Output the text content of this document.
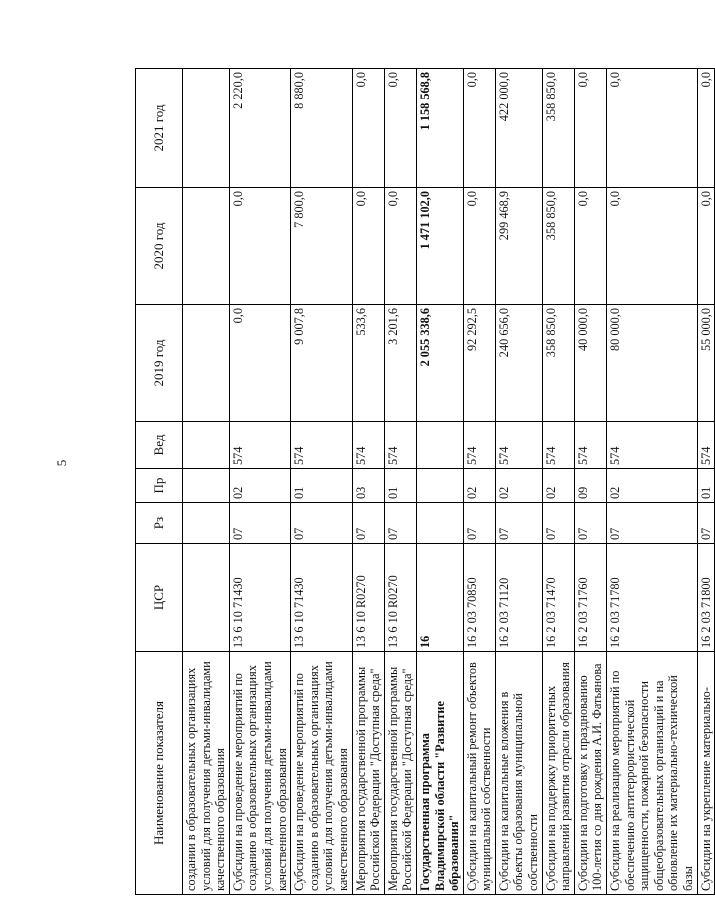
5
Наименование показателя	ЦСР	Рз	Пр	Вед	2019 год	2020 год	2021 год
создании в образовательных организациях условий для получения детьми-инвалидами качественного образования							
Субсидии на проведение мероприятий по созданию в образовательных организациях условий для получения детьми-инвалидами качественного образования	13 6 10 71430	07	02	574	0,0	0,0	2 220,0
Субсидии на проведение мероприятий по созданию в образовательных организациях условий для получения детьми-инвалидами качественного образования	13 6 10 71430	07	01	574	9 007,8	7 800,0	8 880,0
Мероприятия государственной программы Российской Федерации "Доступная среда"	13 6 10 R0270	07	03	574	533,6	0,0	0,0
Мероприятия государственной программы Российской Федерации "Доступная среда"	13 6 10 R0270	07	01	574	3 201,6	0,0	0,0
Государственная программа Владимирской области "Развитие образования"	16				2 055 338,6	1 471 102,0	1 158 568,8
Субсидии на капитальный ремонт объектов муниципальной собственности	16 2 03 70850	07	02	574	92 292,5	0,0	0,0
Субсидии на капитальные вложения в объекты образования муниципальной собственности	16 2 03 71120	07	02	574	240 656,0	299 468,9	422 000,0
Субсидии на поддержку приоритетных направлений развития отрасли образования	16 2 03 71470	07	02	574	358 850,0	358 850,0	358 850,0
Субсидии на подготовку к празднованию 100-летия со дня рождения А.И. Фатьянова	16 2 03 71760	07	09	574	40 000,0	0,0	0,0
Субсидии на реализацию мероприятий по обеспечению антитеррористической защищенности, пожарной безопасности общеобразовательных организаций и на обновление их материально-технической базы	16 2 03 71780	07	02	574	80 000,0	0,0	0,0
Субсидии на укрепление материально-	16 2 03 71800	07	01	574	55 000,0	0,0	0,0
